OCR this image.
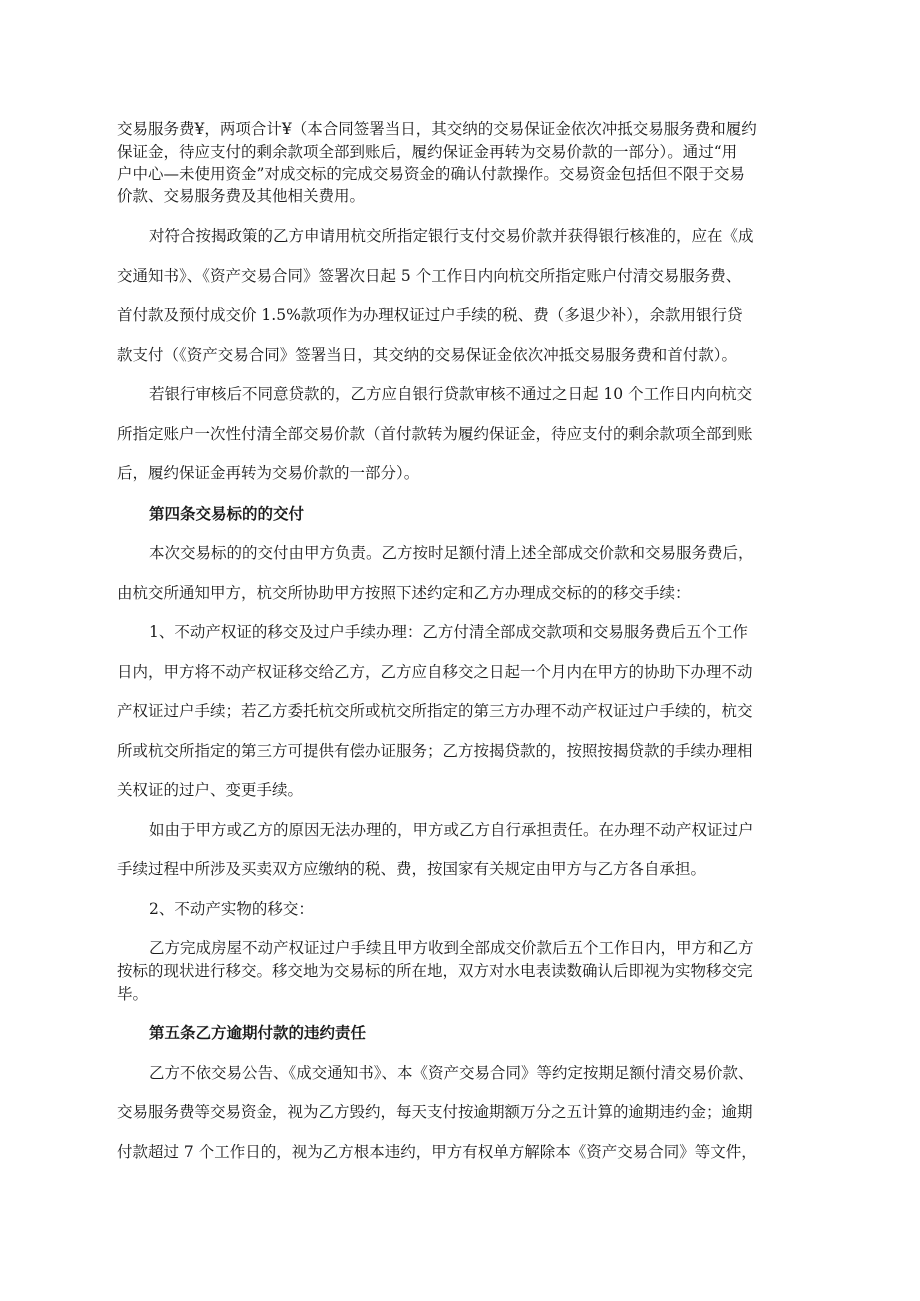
交易服务费¥，两项合计¥（本合同签署当日，其交纳的交易保证金依次冲抵交易服务费和履约

保证金，待应支付的剩余款项全部到账后，履约保证金再转为交易价款的一部分）。通过“用

户中心—未使用资金”对成交标的完成交易资金的确认付款操作。交易资金包括但不限于交易

价款、交易服务费及其他相关费用。

对符合按揭政策的乙方申请用杭交所指定银行支付交易价款并获得银行核准的，应在《成

交通知书》、《资产交易合同》签署次日起 5 个工作日内向杭交所指定账户付清交易服务费、

首付款及预付成交价 1.5%款项作为办理权证过户手续的税、费（多退少补），余款用银行贷

款支付（《资产交易合同》签署当日，其交纳的交易保证金依次冲抵交易服务费和首付款）。

若银行审核后不同意贷款的，乙方应自银行贷款审核不通过之日起 10 个工作日内向杭交

所指定账户一次性付清全部交易价款（首付款转为履约保证金，待应支付的剩余款项全部到账

后，履约保证金再转为交易价款的一部分）。

第四条交易标的的交付

本次交易标的的交付由甲方负责。乙方按时足额付清上述全部成交价款和交易服务费后，

由杭交所通知甲方，杭交所协助甲方按照下述约定和乙方办理成交标的的移交手续：

1、不动产权证的移交及过户手续办理：乙方付清全部成交款项和交易服务费后五个工作

日内，甲方将不动产权证移交给乙方，乙方应自移交之日起一个月内在甲方的协助下办理不动

产权证过户手续；若乙方委托杭交所或杭交所指定的第三方办理不动产权证过户手续的，杭交

所或杭交所指定的第三方可提供有偿办证服务；乙方按揭贷款的，按照按揭贷款的手续办理相

关权证的过户、变更手续。

如由于甲方或乙方的原因无法办理的，甲方或乙方自行承担责任。在办理不动产权证过户

手续过程中所涉及买卖双方应缴纳的税、费，按国家有关规定由甲方与乙方各自承担。

2、不动产实物的移交：

乙方完成房屋不动产权证过户手续且甲方收到全部成交价款后五个工作日内，甲方和乙方

按标的现状进行移交。移交地为交易标的所在地，双方对水电表读数确认后即视为实物移交完

毕。

第五条乙方逾期付款的违约责任

乙方不依交易公告、《成交通知书》、本《资产交易合同》等约定按期足额付清交易价款、

交易服务费等交易资金，视为乙方毁约，每天支付按逾期额万分之五计算的逾期违约金；逾期

付款超过 7 个工作日的，视为乙方根本违约，甲方有权单方解除本《资产交易合同》等文件，
